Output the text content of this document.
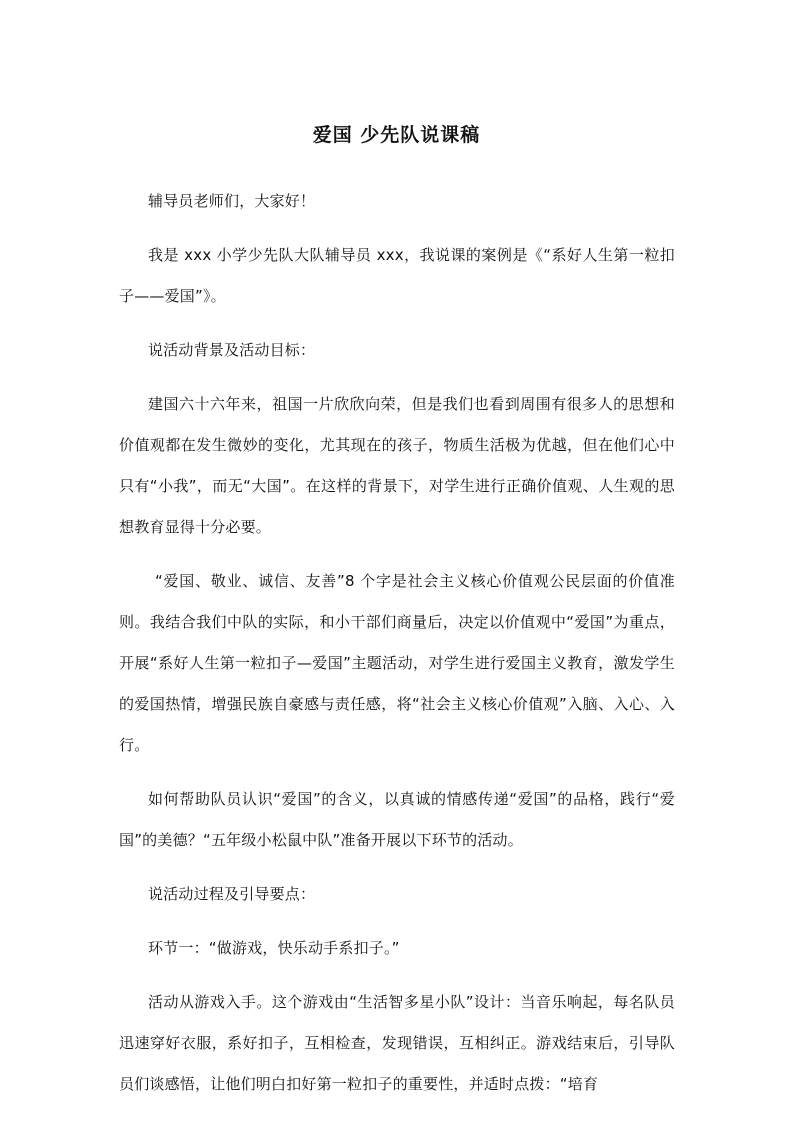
爱国 少先队说课稿

辅导员老师们，大家好！

我是 xxx 小学少先队大队辅导员 xxx，我说课的案例是《“系好人生第一粒扣子——爱国”》。

说活动背景及活动目标：

建国六十六年来，祖国一片欣欣向荣，但是我们也看到周围有很多人的思想和价值观都在发生微妙的变化，尤其现在的孩子，物质生活极为优越，但在他们心中只有“小我”，而无“大国”。在这样的背景下，对学生进行正确价值观、人生观的思想教育显得十分必要。

“爱国、敬业、诚信、友善”8 个字是社会主义核心价值观公民层面的价值准则。我结合我们中队的实际，和小干部们商量后，决定以价值观中“爱国”为重点，开展“系好人生第一粒扣子—爱国”主题活动，对学生进行爱国主义教育，激发学生的爱国热情，增强民族自豪感与责任感，将“社会主义核心价值观”入脑、入心、入行。

如何帮助队员认识“爱国”的含义，以真诚的情感传递“爱国”的品格，践行“爱国”的美德？“五年级小松鼠中队”准备开展以下环节的活动。

说活动过程及引导要点：

环节一：“做游戏，快乐动手系扣子。”

活动从游戏入手。这个游戏由“生活智多星小队”设计：当音乐响起，每名队员迅速穿好衣服，系好扣子，互相检查，发现错误，互相纠正。游戏结束后，引导队员们谈感悟，让他们明白扣好第一粒扣子的重要性，并适时点拨：“培育
